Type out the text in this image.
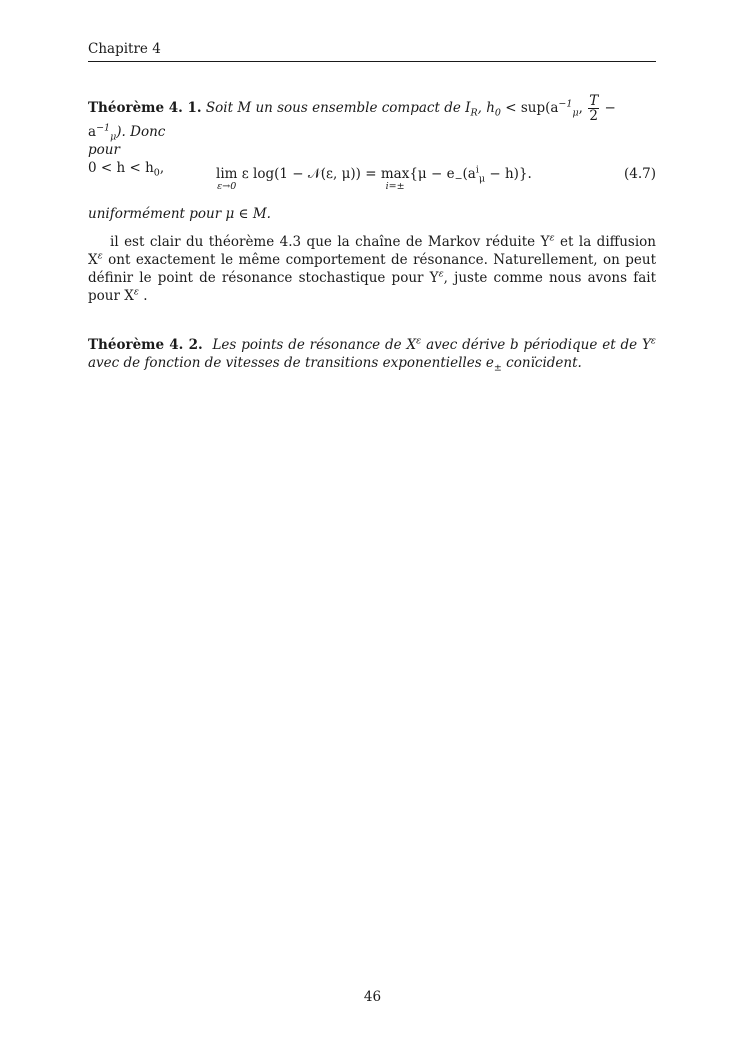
Chapitre 4
Théorème 4. 1. Soit M un sous ensemble compact de $I_R$, $h_0 < sup(a^{-1}_\mu$, $\frac{T}{2} - a^{-1}_\mu$). Donc
pour
$0 < h < h_0$,	lim
ε→0
ε log(1 − 𝒩(ε, μ)) = max
i=±
$\{\mu - e_-(a^i_\mu - h)\}$.	(4.7)
uniformément pour μ ∈ M.
il est clair du théorème 4.3 que la chaîne de Markov réduite $Y^\varepsilon$ et la diffusion $X^\varepsilon$ ont exactement le même comportement de résonance. Naturellement, on peut définir le point de résonance stochastique pour $Y^\varepsilon$, juste comme nous avons fait pour $X^\varepsilon$ .
Théorème 4. 2. Les points de résonance de $X^\varepsilon$ avec dérive b périodique et de $Y^\varepsilon$ avec de fonction de vitesses de transitions exponentielles $e_\pm$ conïcident.
46
